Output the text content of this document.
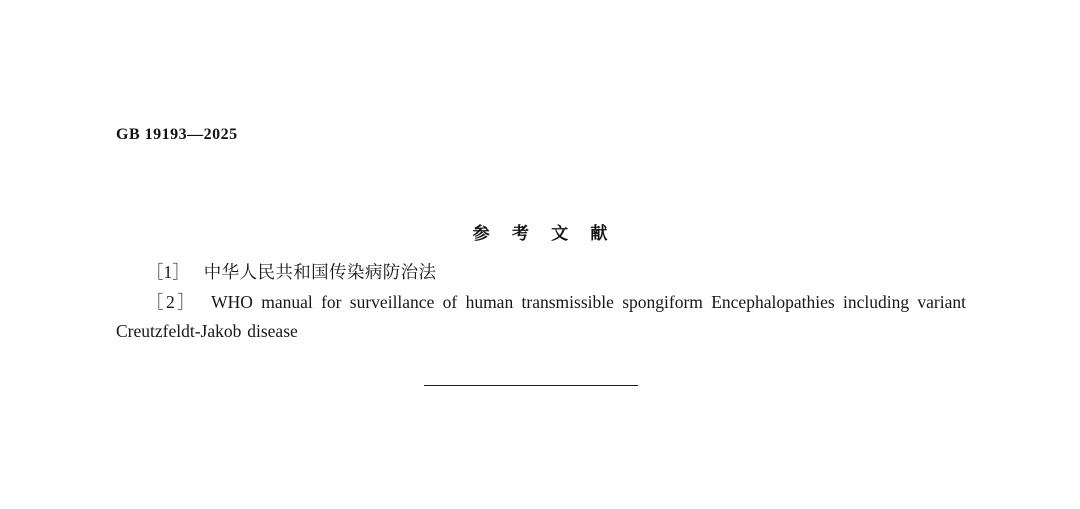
GB 19193—2025
参 考 文 献

［1］ 中华人民共和国传染病防治法

［2］ WHO manual for surveillance of human transmissible spongiform Encephalopathies including variant Creutzfeldt-Jakob disease
